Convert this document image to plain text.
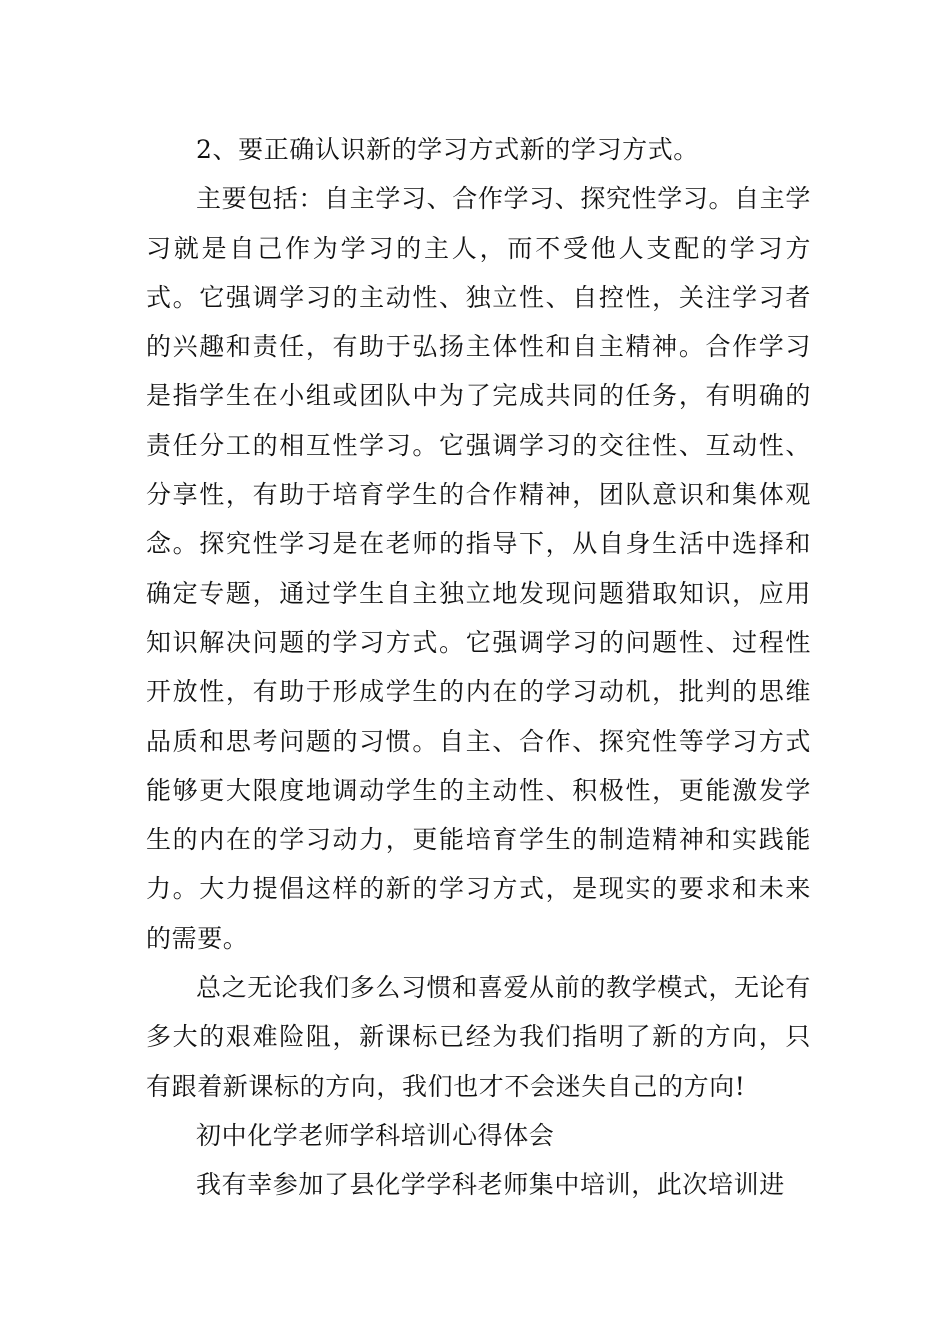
2、要正确认识新的学习方式新的学习方式。

主要包括：自主学习、合作学习、探究性学习。自主学习就是自己作为学习的主人，而不受他人支配的学习方式。它强调学习的主动性、独立性、自控性，关注学习者的兴趣和责任，有助于弘扬主体性和自主精神。合作学习是指学生在小组或团队中为了完成共同的任务，有明确的责任分工的相互性学习。它强调学习的交往性、互动性、分享性，有助于培育学生的合作精神，团队意识和集体观念。探究性学习是在老师的指导下，从自身生活中选择和确定专题，通过学生自主独立地发现问题猎取知识，应用知识解决问题的学习方式。它强调学习的问题性、过程性开放性，有助于形成学生的内在的学习动机，批判的思维品质和思考问题的习惯。自主、合作、探究性等学习方式能够更大限度地调动学生的主动性、积极性，更能激发学生的内在的学习动力，更能培育学生的制造精神和实践能力。大力提倡这样的新的学习方式，是现实的要求和未来的需要。

总之无论我们多么习惯和喜爱从前的教学模式，无论有多大的艰难险阻，新课标已经为我们指明了新的方向，只有跟着新课标的方向，我们也才不会迷失自己的方向!

初中化学老师学科培训心得体会

我有幸参加了县化学学科老师集中培训，此次培训进
